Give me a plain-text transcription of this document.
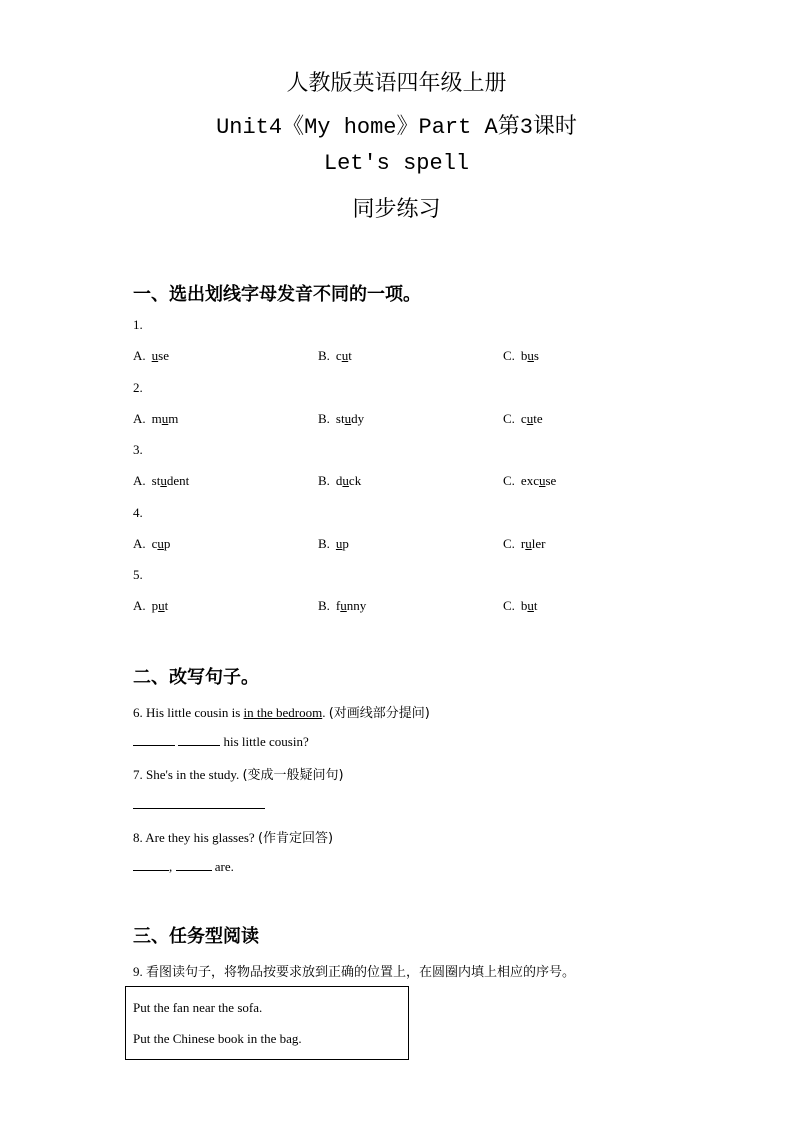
人教版英语四年级上册
Unit4《My home》Part A第3课时
Let's spell
同步练习
一、选出划线字母发音不同的一项。
1.
A. use	B. cut	C. bus
2.
A. mum	B. study	C. cute
3.
A. student	B. duck	C. excuse
4.
A. cup	B. up	C. ruler
5.
A. put	B. funny	C. but
二、改写句子。
6. His little cousin is in the bedroom. (对画线部分提问)
his little cousin?
7. She's in the study. (变成一般疑问句)
8. Are they his glasses? (作肯定回答)
,	are.
三、任务型阅读
9. 看图读句子，将物品按要求放到正确的位置上，在圆圈内填上相应的序号。
Put the fan near the sofa.
Put the Chinese book in the bag.
